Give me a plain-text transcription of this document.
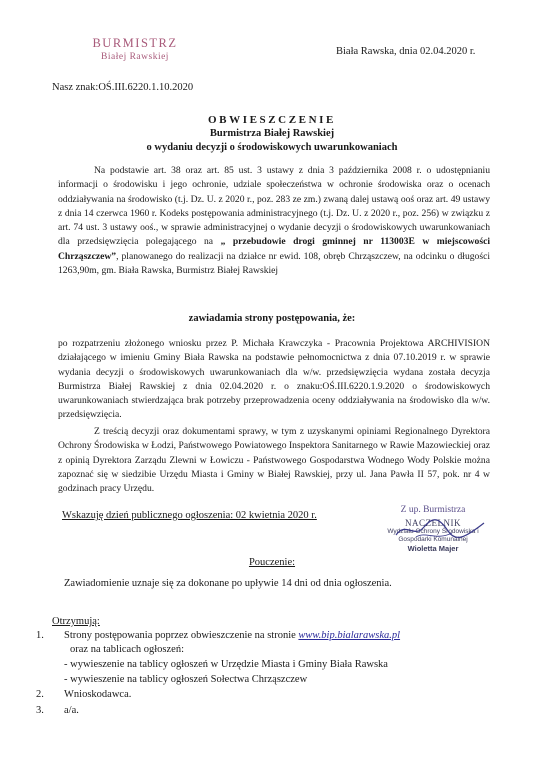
BURMISTRZ
Białej Rawskiej	Biała Rawska, dnia 02.04.2020 r.
Nasz znak:OŚ.III.6220.1.10.2020
OBWIESZCZENIE
Burmistrza Białej Rawskiej
o wydaniu decyzji o środowiskowych uwarunkowaniach
Na podstawie art. 38 oraz art. 85 ust. 3 ustawy z dnia 3 października 2008 r. o udostępnianiu informacji o środowisku i jego ochronie, udziale społeczeństwa w ochronie środowiska oraz o ocenach oddziaływania na środowisko (t.j. Dz. U. z 2020 r., poz. 283 ze zm.) zwaną dalej ustawą ooś oraz art. 49 ustawy z dnia 14 czerwca 1960 r. Kodeks postępowania administracyjnego (t.j. Dz. U. z 2020 r., poz. 256) w związku z art. 74 ust. 3 ustawy ooś., w sprawie administracyjnej o wydanie decyzji o środowiskowych uwarunkowaniach dla przedsięwzięcia polegającego na „ przebudowie drogi gminnej nr 113003E w miejscowości Chrząszczew”, planowanego do realizacji na działce nr ewid. 108, obręb Chrząszczew, na odcinku o długości 1263,90m, gm. Biała Rawska, Burmistrz Białej Rawskiej
zawiadamia strony postępowania, że:
po rozpatrzeniu złożonego wniosku przez P. Michała Krawczyka - Pracownia Projektowa ARCHIVISION działającego w imieniu Gminy Biała Rawska na podstawie pełnomocnictwa z dnia 07.10.2019 r. w sprawie wydania decyzji o środowiskowych uwarunkowaniach dla w/w. przedsięwzięcia wydana została decyzja Burmistrza Białej Rawskiej z dnia 02.04.2020 r. o znaku:OŚ.III.6220.1.9.2020 o środowiskowych uwarunkowaniach stwierdzająca brak potrzeby przeprowadzenia oceny oddziaływania na środowisko dla w/w. przedsięwzięcia.
Z treścią decyzji oraz dokumentami sprawy, w tym z uzyskanymi opiniami Regionalnego Dyrektora Ochrony Środowiska w Łodzi, Państwowego Powiatowego Inspektora Sanitarnego w Rawie Mazowieckiej oraz z opinią Dyrektora Zarządu Zlewni w Łowiczu - Państwowego Gospodarstwa Wodnego Wody Polskie można zapoznać się w siedzibie Urzędu Miasta i Gminy w Białej Rawskiej, przy ul. Jana Pawła II 57, pok. nr 4 w godzinach pracy Urzędu.
Wskazuję dzień publicznego ogłoszenia: 02 kwietnia 2020 r.	Z up. Burmistrza
NACZELNIK
Wydziału Ochrony Środowiska i Gospodarki Komunalnej
Wioletta Majer
Pouczenie:
Zawiadomienie uznaje się za dokonane po upływie 14 dni od dnia ogłoszenia.
Otrzymują:
1. Strony postępowania poprzez obwieszczenie na stronie www.bip.bialarawska.pl
oraz na tablicach ogłoszeń:
- wywieszenie na tablicy ogłoszeń w Urzędzie Miasta i Gminy Biała Rawska
- wywieszenie na tablicy ogłoszeń Sołectwa Chrząszczew
2. Wnioskodawca.
3. a/a.
